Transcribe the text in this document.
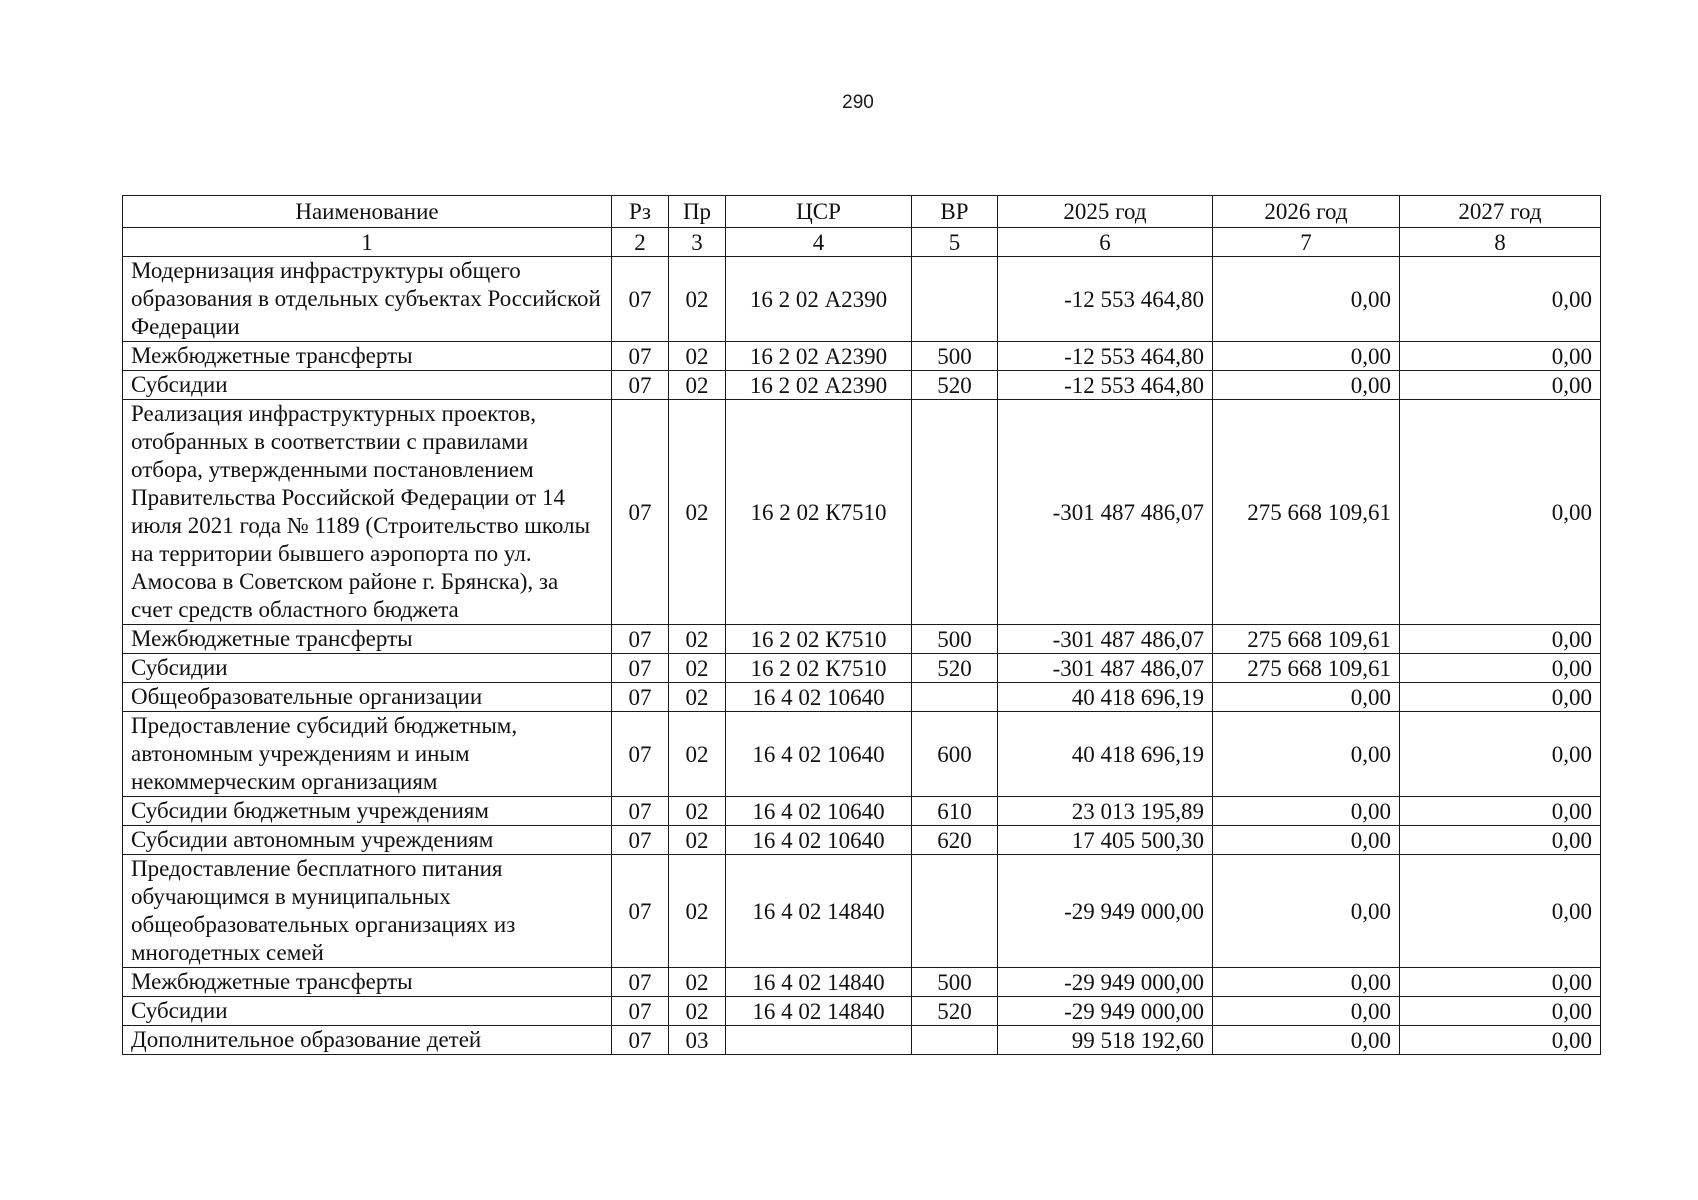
290
Наименование	Рз	Пр	ЦСР	ВР	2025 год	2026 год	2027 год
1	2	3	4	5	6	7	8
Модернизация инфраструктуры общего образования в отдельных субъектах Российской Федерации	07	02	16 2 02 А2390		-12 553 464,80	0,00	0,00
Межбюджетные трансферты	07	02	16 2 02 А2390	500	-12 553 464,80	0,00	0,00
Субсидии	07	02	16 2 02 А2390	520	-12 553 464,80	0,00	0,00
Реализация инфраструктурных проектов, отобранных в соответствии с правилами отбора, утвержденными постановлением Правительства Российской Федерации от 14 июля 2021 года № 1189 (Строительство школы на территории бывшего аэропорта по ул. Амосова в Советском районе г. Брянска), за счет средств областного бюджета	07	02	16 2 02 К7510		-301 487 486,07	275 668 109,61	0,00
Межбюджетные трансферты	07	02	16 2 02 К7510	500	-301 487 486,07	275 668 109,61	0,00
Субсидии	07	02	16 2 02 К7510	520	-301 487 486,07	275 668 109,61	0,00
Общеобразовательные организации	07	02	16 4 02 10640		40 418 696,19	0,00	0,00
Предоставление субсидий бюджетным, автономным учреждениям и иным некоммерческим организациям	07	02	16 4 02 10640	600	40 418 696,19	0,00	0,00
Субсидии бюджетным учреждениям	07	02	16 4 02 10640	610	23 013 195,89	0,00	0,00
Субсидии автономным учреждениям	07	02	16 4 02 10640	620	17 405 500,30	0,00	0,00
Предоставление бесплатного питания обучающимся в муниципальных общеобразовательных организациях из многодетных семей	07	02	16 4 02 14840		-29 949 000,00	0,00	0,00
Межбюджетные трансферты	07	02	16 4 02 14840	500	-29 949 000,00	0,00	0,00
Субсидии	07	02	16 4 02 14840	520	-29 949 000,00	0,00	0,00
Дополнительное образование детей	07	03			99 518 192,60	0,00	0,00
